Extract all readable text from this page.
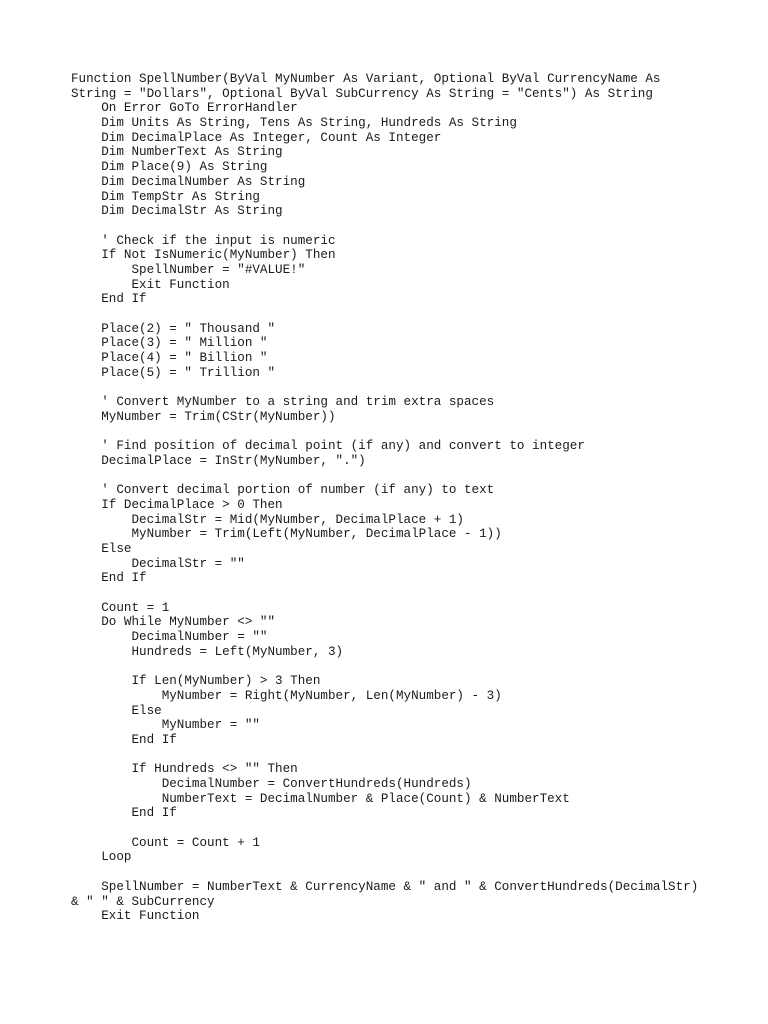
Function SpellNumber(ByVal MyNumber As Variant, Optional ByVal CurrencyName As
String = "Dollars", Optional ByVal SubCurrency As String = "Cents") As String
On Error GoTo ErrorHandler
Dim Units As String, Tens As String, Hundreds As String
Dim DecimalPlace As Integer, Count As Integer
Dim NumberText As String
Dim Place(9) As String
Dim DecimalNumber As String
Dim TempStr As String
Dim DecimalStr As String
' Check if the input is numeric
If Not IsNumeric(MyNumber) Then
SpellNumber = "#VALUE!"
Exit Function
End If
Place(2) = " Thousand "
Place(3) = " Million "
Place(4) = " Billion "
Place(5) = " Trillion "
' Convert MyNumber to a string and trim extra spaces
MyNumber = Trim(CStr(MyNumber))
' Find position of decimal point (if any) and convert to integer
DecimalPlace = InStr(MyNumber, ".")
' Convert decimal portion of number (if any) to text
If DecimalPlace > 0 Then
DecimalStr = Mid(MyNumber, DecimalPlace + 1)
MyNumber = Trim(Left(MyNumber, DecimalPlace - 1))
Else
DecimalStr = ""
End If
Count = 1
Do While MyNumber <> ""
DecimalNumber = ""
Hundreds = Left(MyNumber, 3)
If Len(MyNumber) > 3 Then
MyNumber = Right(MyNumber, Len(MyNumber) - 3)
Else
MyNumber = ""
End If
If Hundreds <> "" Then
DecimalNumber = ConvertHundreds(Hundreds)
NumberText = DecimalNumber & Place(Count) & NumberText
End If
Count = Count + 1
Loop
SpellNumber = NumberText & CurrencyName & " and " & ConvertHundreds(DecimalStr)
& " " & SubCurrency
Exit Function
